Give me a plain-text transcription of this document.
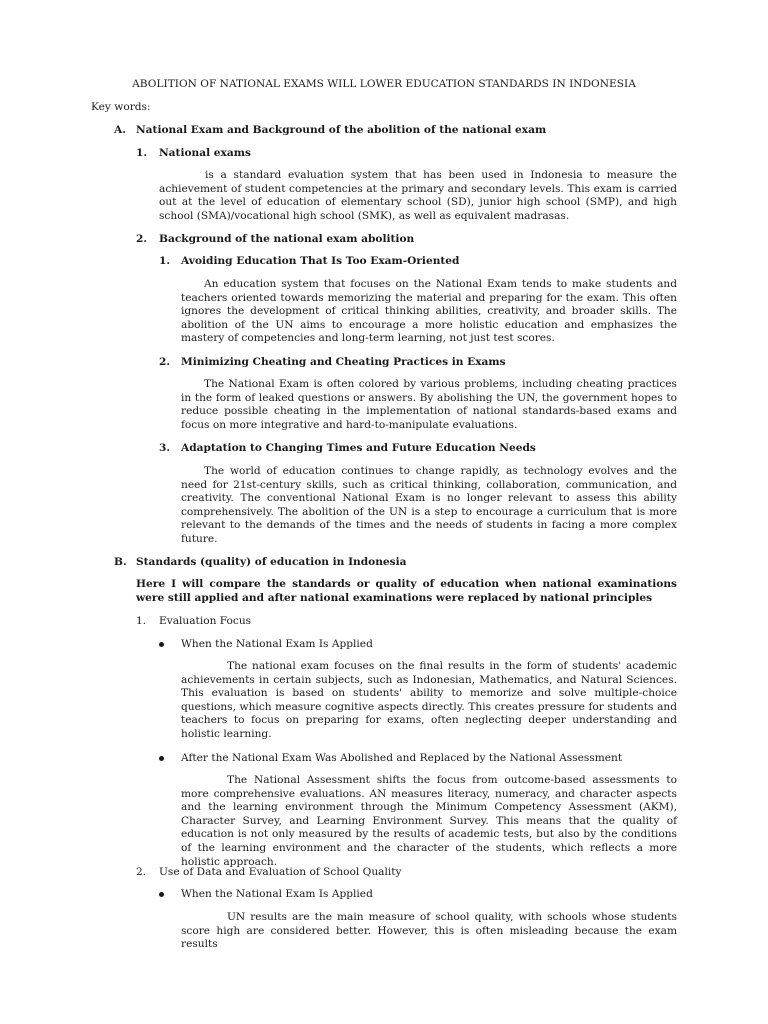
ABOLITION OF NATIONAL EXAMS WILL LOWER EDUCATION STANDARDS IN INDONESIA
Key words:
A. National Exam and Background of the abolition of the national exam
1. National exams
is a standard evaluation system that has been used in Indonesia to measure the achievement of student competencies at the primary and secondary levels. This exam is carried out at the level of education of elementary school (SD), junior high school (SMP), and high school (SMA)/vocational high school (SMK), as well as equivalent madrasas.
2. Background of the national exam abolition
1. Avoiding Education That Is Too Exam-Oriented
An education system that focuses on the National Exam tends to make students and teachers oriented towards memorizing the material and preparing for the exam. This often ignores the development of critical thinking abilities, creativity, and broader skills. The abolition of the UN aims to encourage a more holistic education and emphasizes the mastery of competencies and long-term learning, not just test scores.
2. Minimizing Cheating and Cheating Practices in Exams
The National Exam is often colored by various problems, including cheating practices in the form of leaked questions or answers. By abolishing the UN, the government hopes to reduce possible cheating in the implementation of national standards-based exams and focus on more integrative and hard-to-manipulate evaluations.
3. Adaptation to Changing Times and Future Education Needs
The world of education continues to change rapidly, as technology evolves and the need for 21st-century skills, such as critical thinking, collaboration, communication, and creativity. The conventional National Exam is no longer relevant to assess this ability comprehensively. The abolition of the UN is a step to encourage a curriculum that is more relevant to the demands of the times and the needs of students in facing a more complex future.
B. Standards (quality) of education in Indonesia
Here I will compare the standards or quality of education when national examinations were still applied and after national examinations were replaced by national principles
1. Evaluation Focus
When the National Exam Is Applied
The national exam focuses on the final results in the form of students' academic achievements in certain subjects, such as Indonesian, Mathematics, and Natural Sciences. This evaluation is based on students' ability to memorize and solve multiple-choice questions, which measure cognitive aspects directly. This creates pressure for students and teachers to focus on preparing for exams, often neglecting deeper understanding and holistic learning.
After the National Exam Was Abolished and Replaced by the National Assessment
The National Assessment shifts the focus from outcome-based assessments to more comprehensive evaluations. AN measures literacy, numeracy, and character aspects and the learning environment through the Minimum Competency Assessment (AKM), Character Survey, and Learning Environment Survey. This means that the quality of education is not only measured by the results of academic tests, but also by the conditions of the learning environment and the character of the students, which reflects a more holistic approach.
2. Use of Data and Evaluation of School Quality
When the National Exam Is Applied
UN results are the main measure of school quality, with schools whose students score high are considered better. However, this is often misleading because the exam results
